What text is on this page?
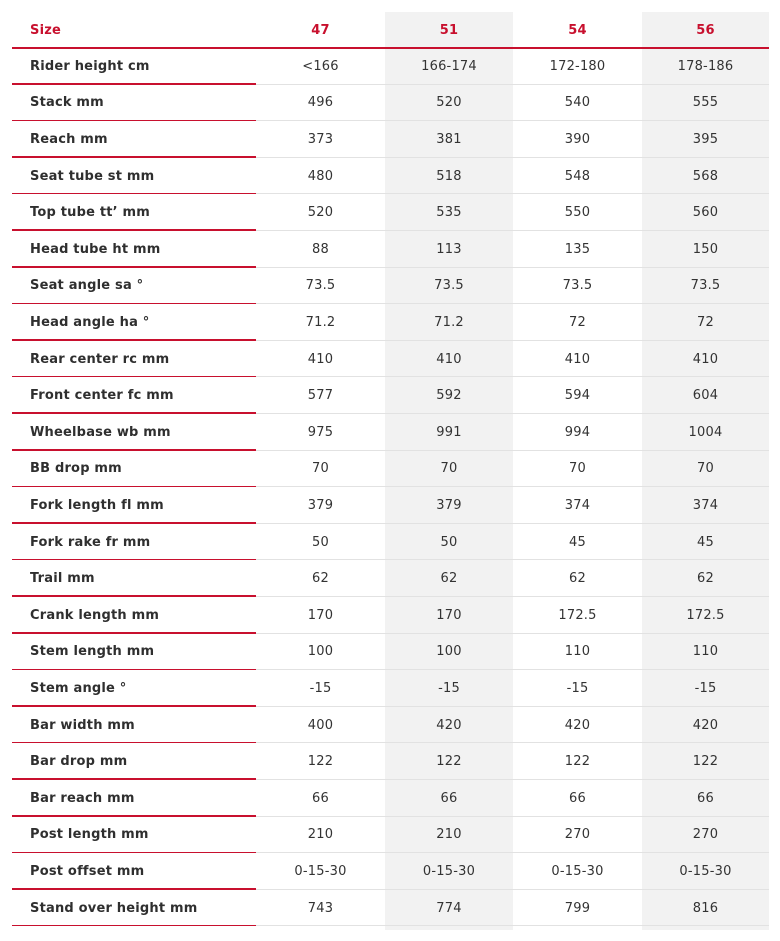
Size	47	51	54	56
Rider height cm	<166	166-174	172-180	178-186
Stack mm	496	520	540	555
Reach mm	373	381	390	395
Seat tube st mm	480	518	548	568
Top tube tt’ mm	520	535	550	560
Head tube ht mm	88	113	135	150
Seat angle sa °	73.5	73.5	73.5	73.5
Head angle ha °	71.2	71.2	72	72
Rear center rc mm	410	410	410	410
Front center fc mm	577	592	594	604
Wheelbase wb mm	975	991	994	1004
BB drop mm	70	70	70	70
Fork length fl mm	379	379	374	374
Fork rake fr mm	50	50	45	45
Trail mm	62	62	62	62
Crank length mm	170	170	172.5	172.5
Stem length mm	100	100	110	110
Stem angle °	-15	-15	-15	-15
Bar width mm	400	420	420	420
Bar drop mm	122	122	122	122
Bar reach mm	66	66	66	66
Post length mm	210	210	270	270
Post offset mm	0-15-30	0-15-30	0-15-30	0-15-30
Stand over height mm	743	774	799	816
